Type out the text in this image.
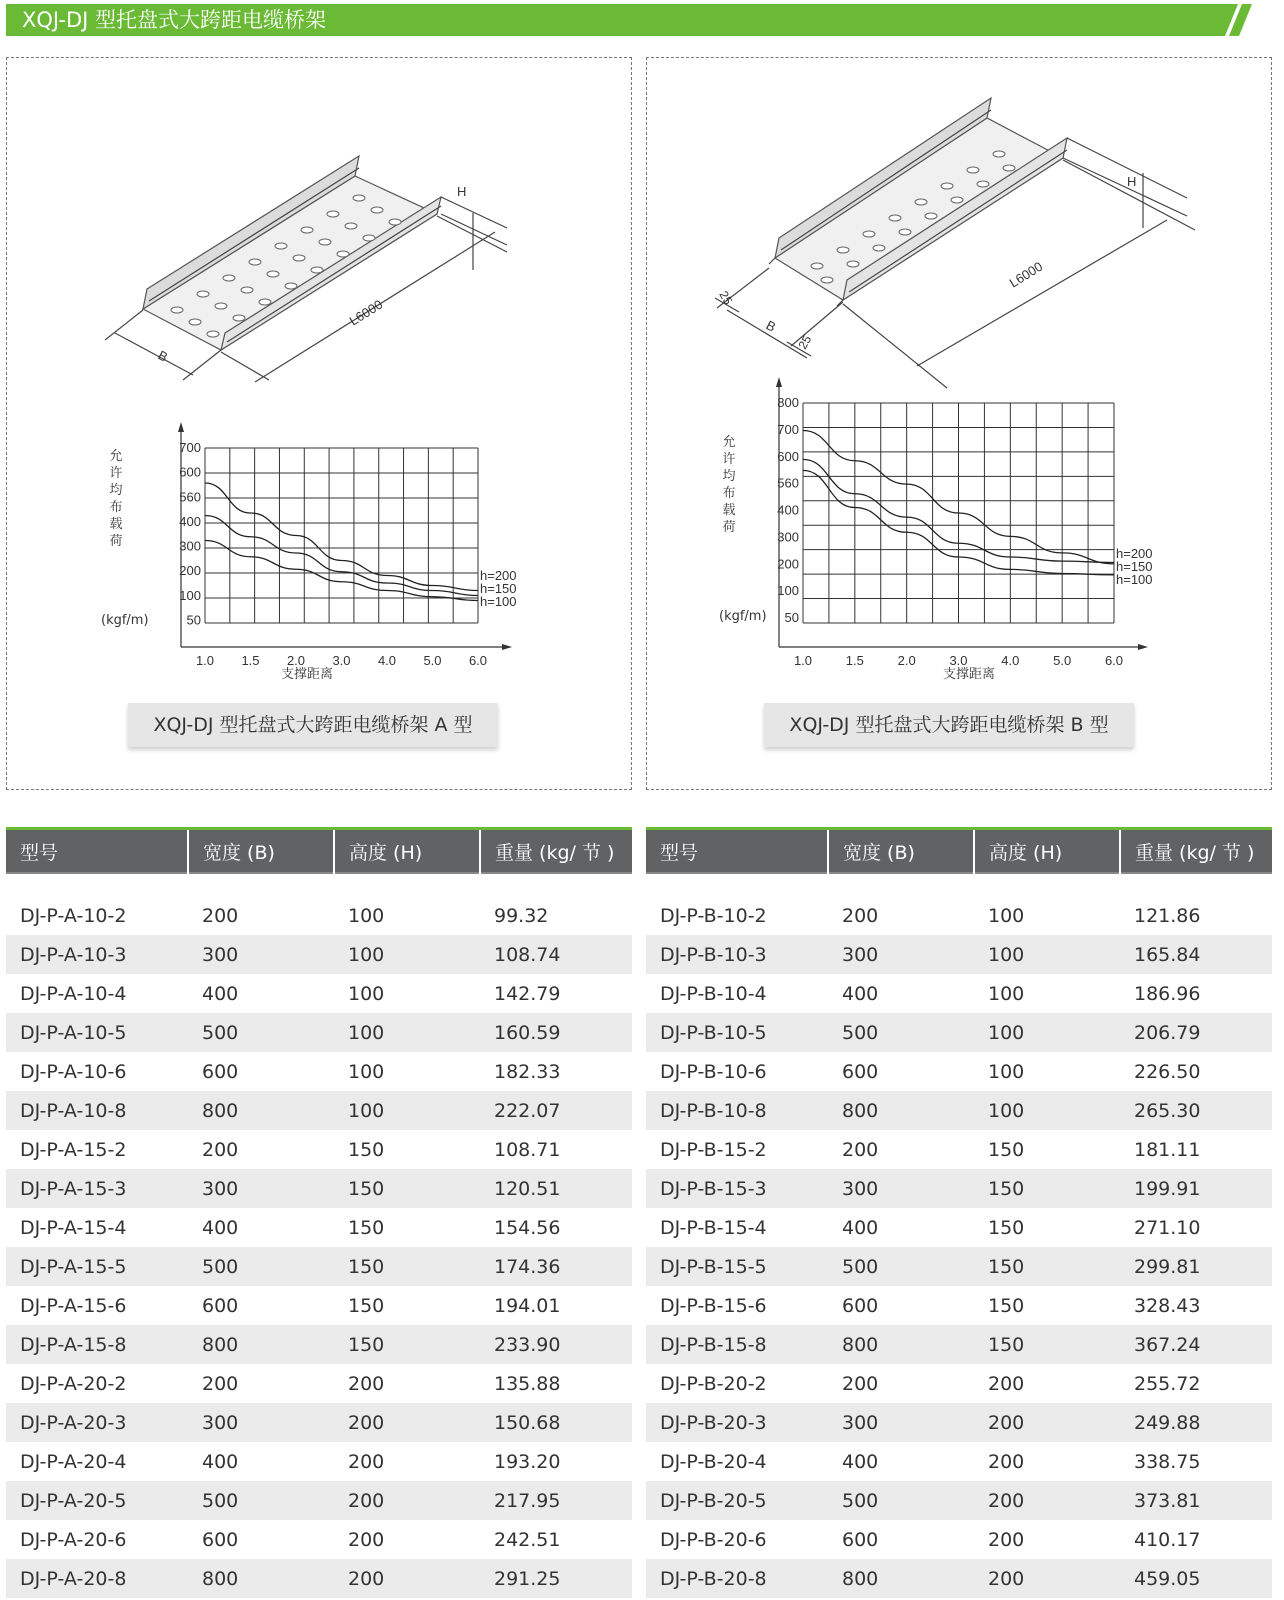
XQJ-DJ 型托盘式大跨距电缆桥架
H
L6000
B
1.0 1.5 2.0 3.0 4.0 5.0 6.0
50
100
200
300
400
560
600
700
h=200
h=150
h=100
允许均布载荷
(kgf/m)
支撑距离
XQJ-DJ 型托盘式大跨距电缆桥架 A 型
H
L6000
B
25
25
1.0	1.5	2.0	3.0	4.0	5.0	6.0
50
100
200
300
400
560
600
700
800
h=200
h=150
h=100
允许均布载荷
(kgf/m)
支撑距离
XQJ-DJ 型托盘式大跨距电缆桥架 B 型
型号	宽度 (B)	高度 (H)	重量 (kg/ 节 )

DJ-P-A-10-2	200	100	99.32
DJ-P-A-10-3	300	100	108.74
DJ-P-A-10-4	400	100	142.79
DJ-P-A-10-5	500	100	160.59
DJ-P-A-10-6	600	100	182.33
DJ-P-A-10-8	800	100	222.07
DJ-P-A-15-2	200	150	108.71
DJ-P-A-15-3	300	150	120.51
DJ-P-A-15-4	400	150	154.56
DJ-P-A-15-5	500	150	174.36
DJ-P-A-15-6	600	150	194.01
DJ-P-A-15-8	800	150	233.90
DJ-P-A-20-2	200	200	135.88
DJ-P-A-20-3	300	200	150.68
DJ-P-A-20-4	400	200	193.20
DJ-P-A-20-5	500	200	217.95
DJ-P-A-20-6	600	200	242.51
DJ-P-A-20-8	800	200	291.25
型号	宽度 (B)	高度 (H)	重量 (kg/ 节 )

DJ-P-B-10-2	200	100	121.86
DJ-P-B-10-3	300	100	165.84
DJ-P-B-10-4	400	100	186.96
DJ-P-B-10-5	500	100	206.79
DJ-P-B-10-6	600	100	226.50
DJ-P-B-10-8	800	100	265.30
DJ-P-B-15-2	200	150	181.11
DJ-P-B-15-3	300	150	199.91
DJ-P-B-15-4	400	150	271.10
DJ-P-B-15-5	500	150	299.81
DJ-P-B-15-6	600	150	328.43
DJ-P-B-15-8	800	150	367.24
DJ-P-B-20-2	200	200	255.72
DJ-P-B-20-3	300	200	249.88
DJ-P-B-20-4	400	200	338.75
DJ-P-B-20-5	500	200	373.81
DJ-P-B-20-6	600	200	410.17
DJ-P-B-20-8	800	200	459.05
